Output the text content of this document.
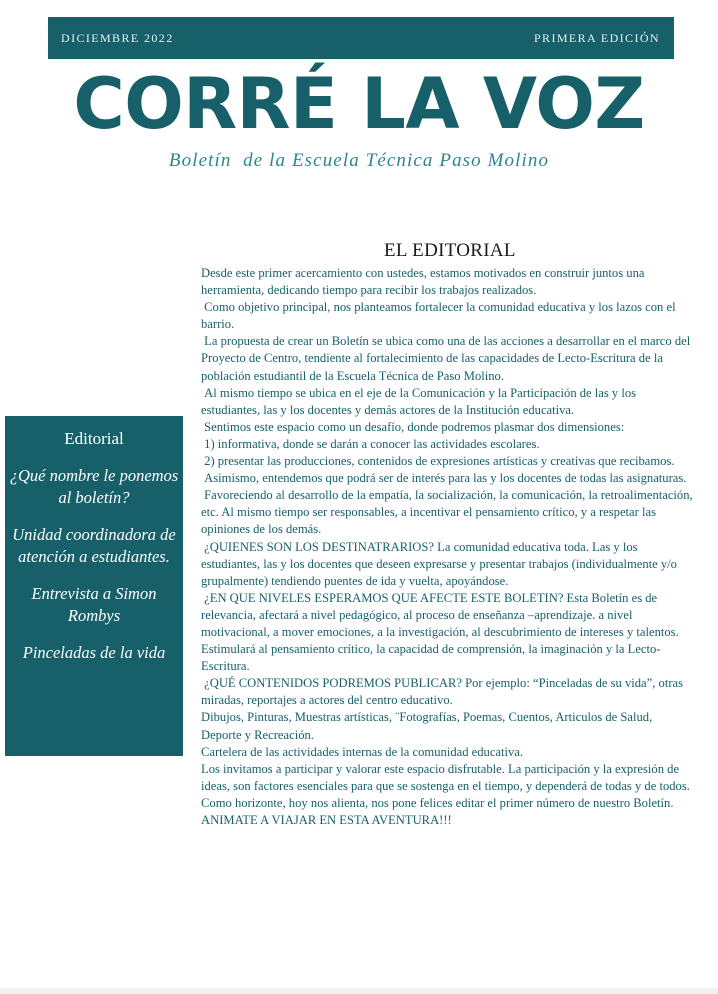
DICIEMBRE 2022	PRIMERA EDICIÓN
CORRÉ LA VOZ
Boletín  de la Escuela Técnica Paso Molino
Editorial
¿Qué nombre le ponemos al boletín?
Unidad coordinadora de atención a estudiantes.
Entrevista a Simon Rombys
Pinceladas de la vida
EL EDITORIAL

Desde este primer acercamiento con ustedes, estamos motivados en construir juntos una herramienta, dedicando tiempo para recibir los trabajos realizados.

Como objetivo principal, nos planteamos fortalecer la comunidad educativa y los lazos con el barrio.

La propuesta de crear un Boletín se ubica como una de las acciones a desarrollar en el marco del Proyecto de Centro, tendiente al fortalecimiento de las capacidades de Lecto-Escritura de la población estudiantil de la Escuela Técnica de Paso Molino.

Al mismo tiempo se ubica en el eje de la Comunicación y la Participación de las y los estudiantes, las y los docentes y demás actores de la Institución educativa.

Sentimos este espacio como un desafío, donde podremos plasmar dos dimensiones:

1) informativa, donde se darán a conocer las actividades escolares.

2) presentar las producciones, contenidos de expresiones artísticas y creativas que recibamos.

Asimismo, entendemos que podrá ser de interés para las y los docentes de todas las asignaturas.

Favoreciendo al desarrollo de la empatía, la socialización, la comunicación, la retroalimentación, etc. Al mismo tiempo ser responsables, a incentivar el pensamiento crítico, y a respetar las opiniones de los demás.

¿QUIENES SON LOS DESTINATRARIOS? La comunidad educativa toda. Las y los estudiantes, las y los docentes que deseen expresarse y presentar trabajos (individualmente y/o grupalmente) tendiendo puentes de ida y vuelta, apoyándose.

¿EN QUE NIVELES ESPERAMOS QUE AFECTE ESTE BOLETIN? Esta Boletín es de relevancia, afectará a nivel pedagógico, al proceso de enseñanza –aprendizaje. a nivel motivacional, a mover emociones, a la investigación, al descubrimiento de intereses y talentos. Estimulará al pensamiento crítico, la capacidad de comprensión, la imaginación y la Lecto-Escritura.

¿QUÉ CONTENIDOS PODREMOS PUBLICAR? Por ejemplo: “Pinceladas de su vida”, otras miradas, reportajes a actores del centro educativo.

Dibujos, Pinturas, Muestras artísticas, ¨Fotografías, Poemas, Cuentos, Articulos de Salud, Deporte y Recreación.

Cartelera de las actividades internas de la comunidad educativa.

Los invitamos a participar y valorar este espacio disfrutable. La participación y la expresión de ideas, son factores esenciales para que se sostenga en el tiempo, y dependerá de todas y de todos.

Como horizonte, hoy nos alienta, nos pone felices editar el primer número de nuestro Boletín.

ANIMATE A VIAJAR EN ESTA AVENTURA!!!
